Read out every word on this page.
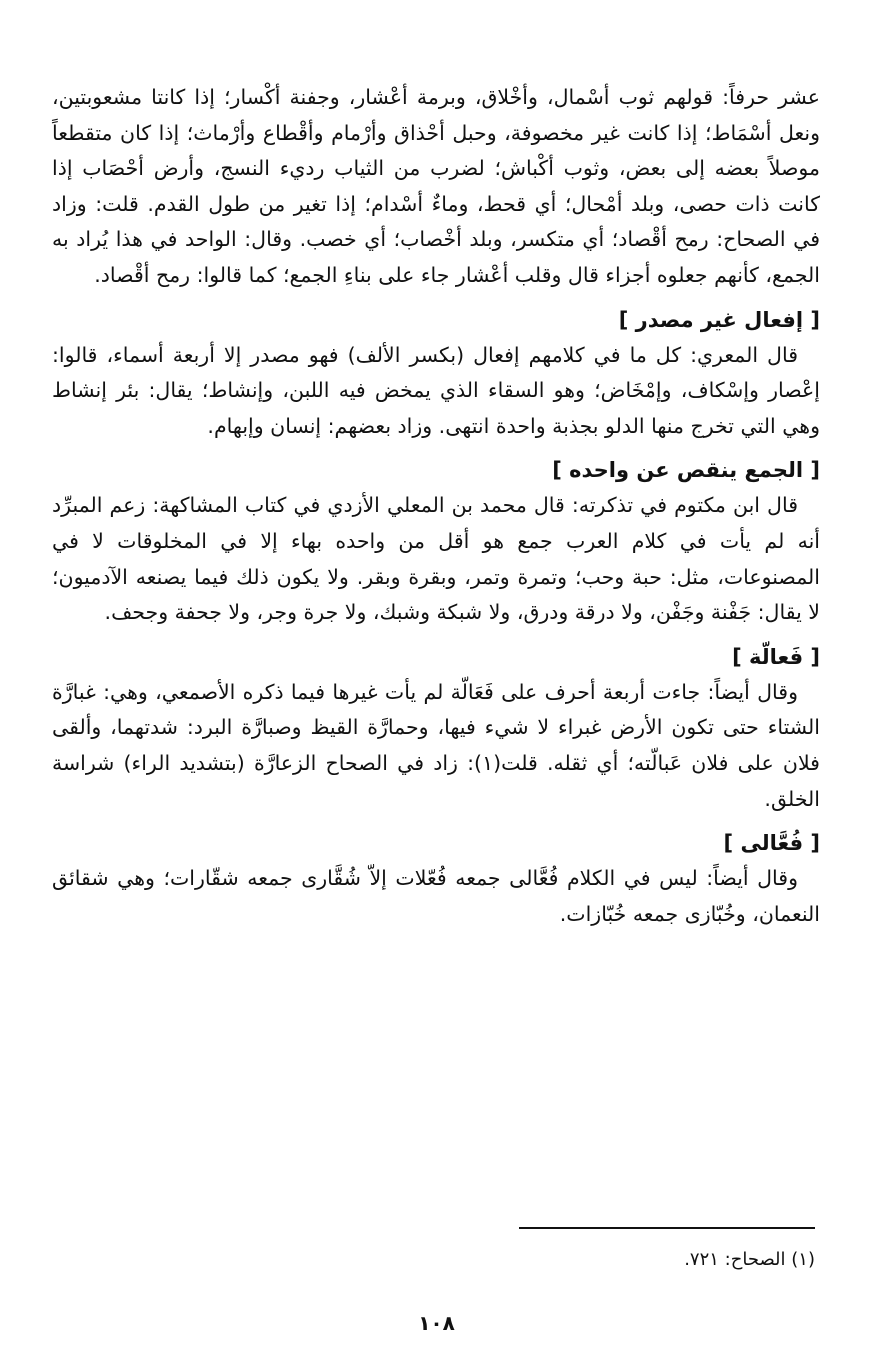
عشر حرفاً: قولهم ثوب أسْمال، وأخْلاق، وبرمة أعْشار، وجفنة أكْسار؛ إذا كانتا مشعوبتين، ونعل أسْمَاط؛ إذا كانت غير مخصوفة، وحبل أحْذاق وأرْمام وأقْطاع وأرْماث؛ إذا كان متقطعاً موصلاً بعضه إلى بعض، وثوب أكْباش؛ لضرب من الثياب رديء النسج، وأرض أحْصَاب إذا كانت ذات حصى، وبلد أمْحال؛ أي قحط، وماءٌ أسْدام؛ إذا تغير من طول القدم. قلت: وزاد في الصحاح: رمح أقْصاد؛ أي متكسر، وبلد أخْصاب؛ أي خصب. وقال: الواحد في هذا يُراد به الجمع، كأنهم جعلوه أجزاء قال وقلب أعْشار جاء على بناءِ الجمع؛ كما قالوا: رمح أقْصاد.

[ إفعال غير مصدر ]

قال المعري: كل ما في كلامهم إفعال (بكسر الألف) فهو مصدر إلا أربعة أسماء، قالوا: إعْصار وإسْكاف، وإمْخَاض؛ وهو السقاء الذي يمخض فيه اللبن، وإنشاط؛ يقال: بئر إنشاط وهي التي تخرج منها الدلو بجذبة واحدة انتهى. وزاد بعضهم: إنسان وإبهام.

[ الجمع ينقص عن واحده ]

قال ابن مكتوم في تذكرته: قال محمد بن المعلي الأزدي في كتاب المشاكهة: زعم المبرِّد أنه لم يأت في كلام العرب جمع هو أقل من واحده بهاء إلا في المخلوقات لا في المصنوعات، مثل: حبة وحب؛ وتمرة وتمر، وبقرة وبقر. ولا يكون ذلك فيما يصنعه الآدميون؛ لا يقال: جَفْنة وجَفْن، ولا درقة ودرق، ولا شبكة وشبك، ولا جرة وجر، ولا جحفة وجحف.

[ فَعالّة ]

وقال أيضاً: جاءت أربعة أحرف على فَعَالّة لم يأت غيرها فيما ذكره الأصمعي، وهي: غبارَّة الشتاء حتى تكون الأرض غبراء لا شيء فيها، وحمارَّة القيظ وصبارَّة البرد: شدتهما، وألقى فلان على فلان عَبالّته؛ أي ثقله. قلت(١): زاد في الصحاح الزعارَّة (بتشديد الراء) شراسة الخلق.

[ فُعَّالى ]

وقال أيضاً: ليس في الكلام فُعَّالى جمعه فُعّلات إلاّ شُقَّارى جمعه شقّارات؛ وهي شقائق النعمان، وخُبّازى جمعه خُبّازات.

(١) الصحاح: ٧٢١.
١٠٨
